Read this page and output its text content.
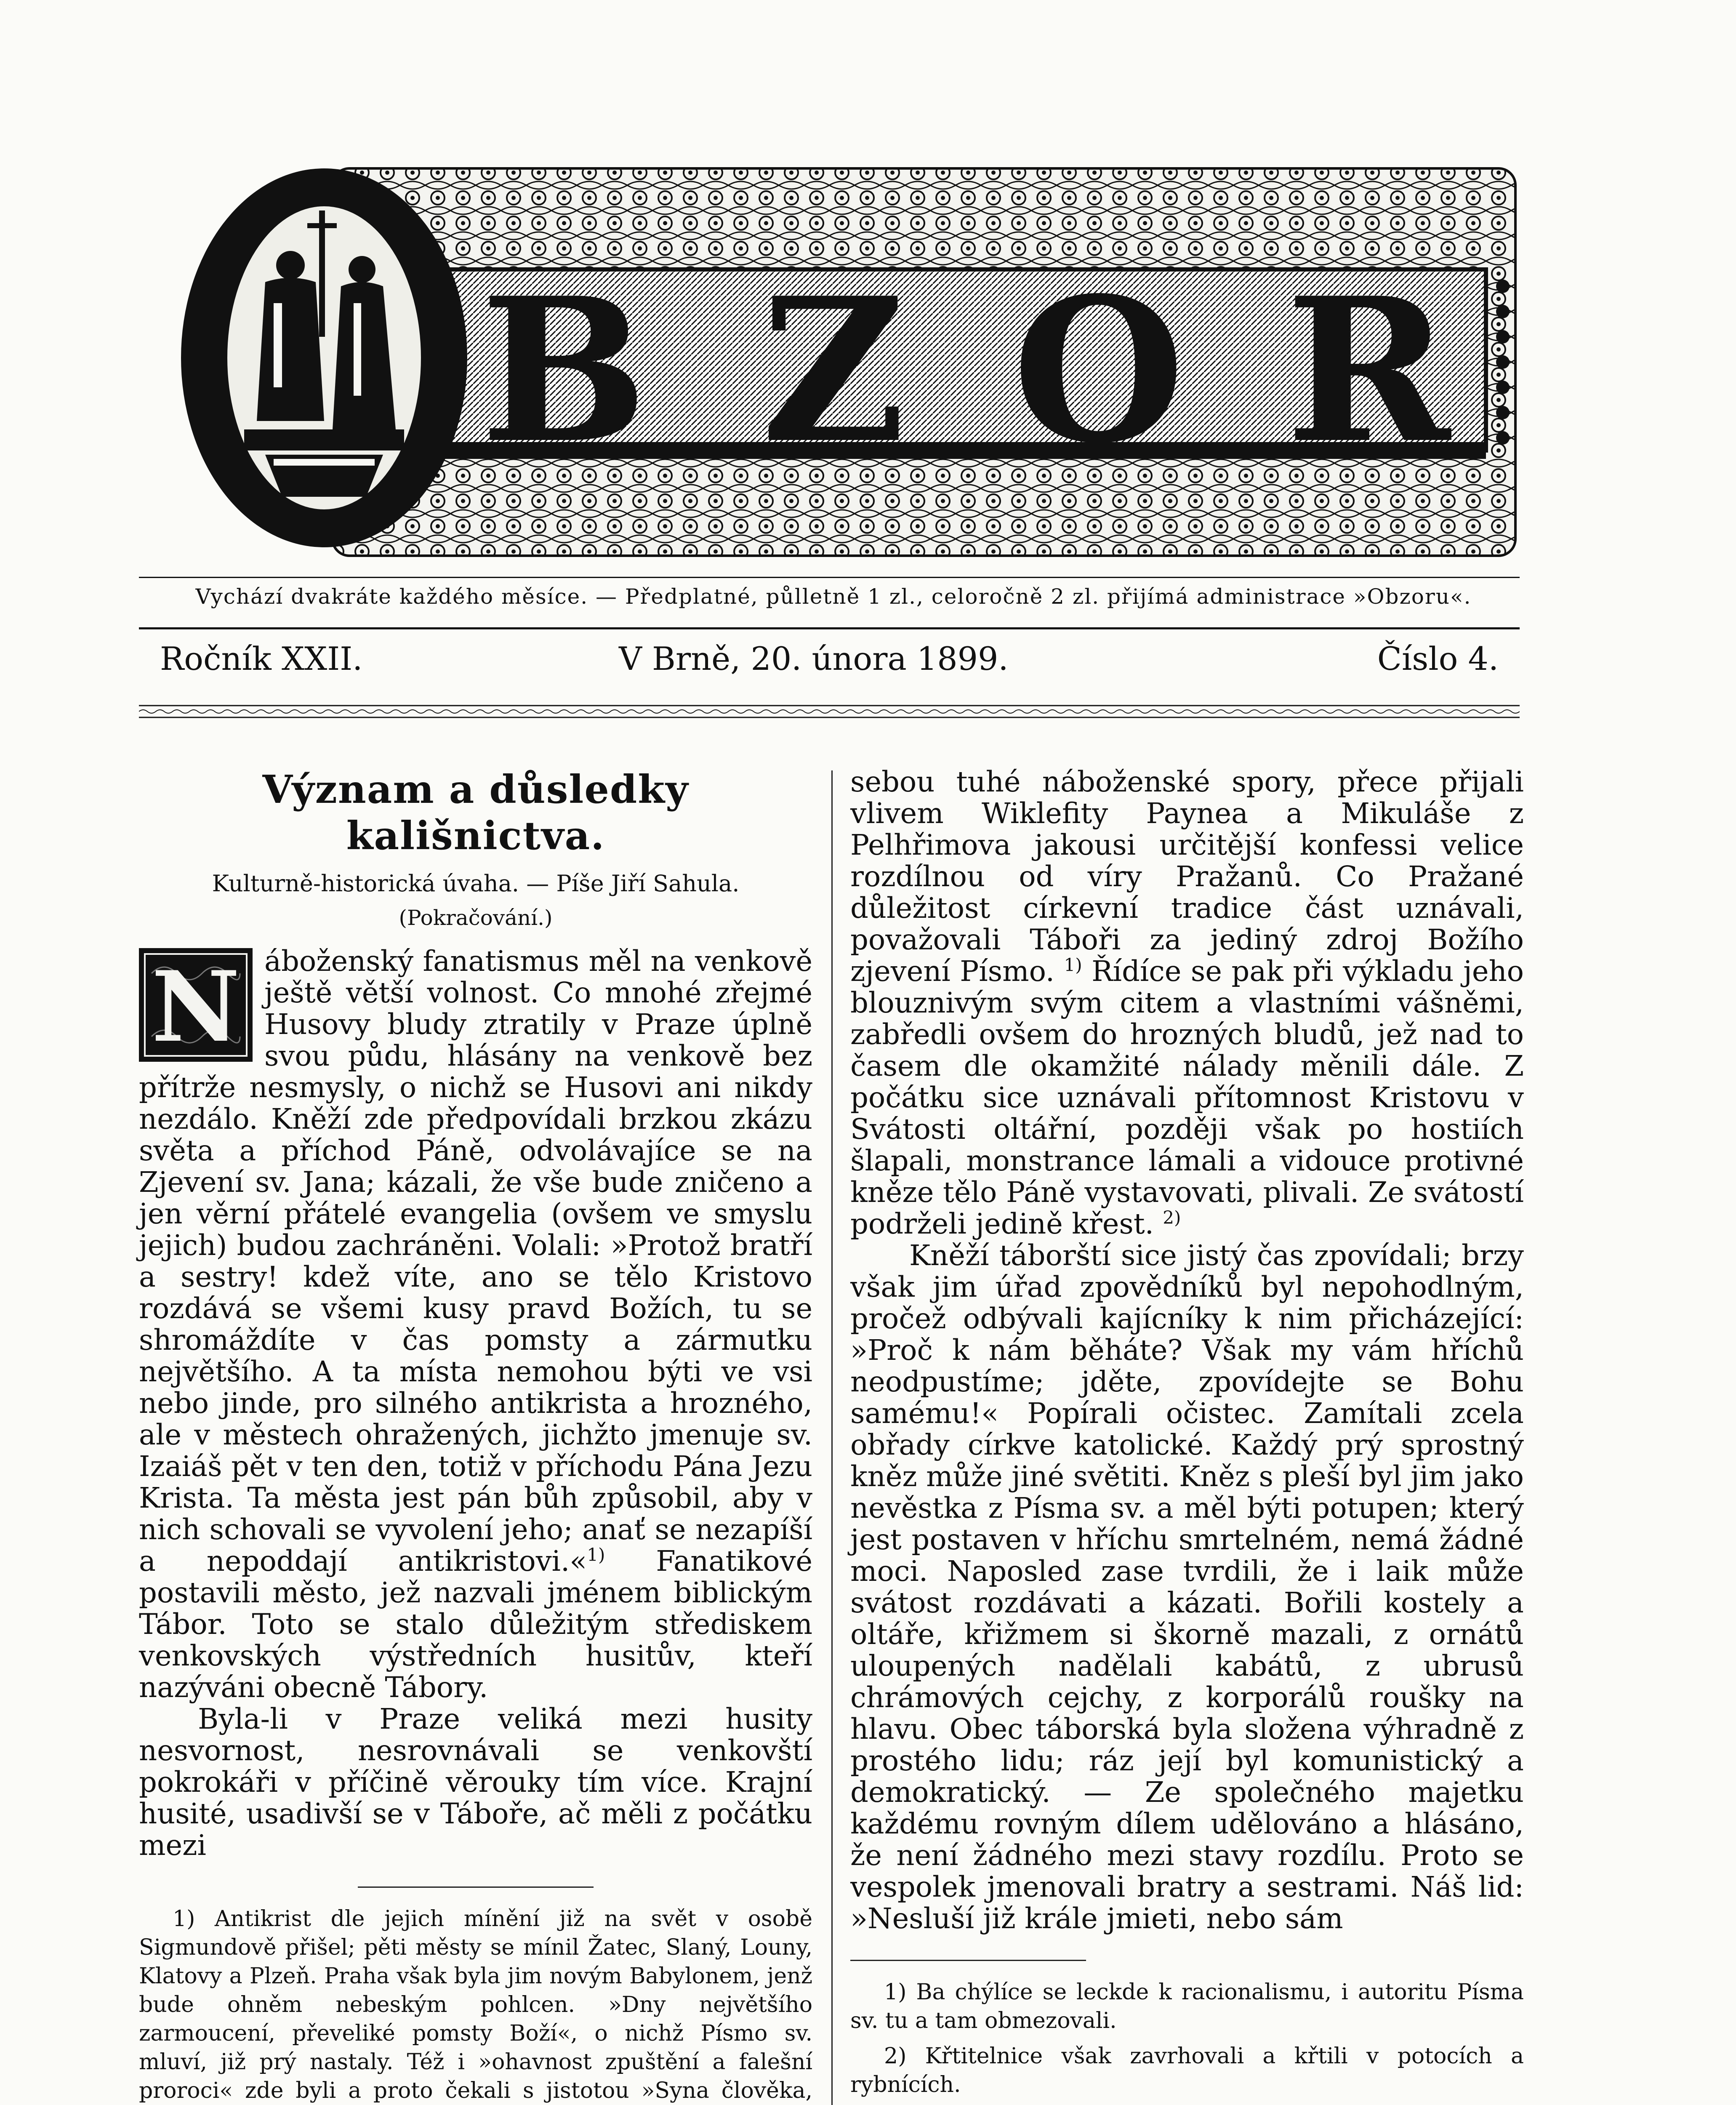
B Z O R
Vychází dvakráte každého měsíce. — Předplatné, půlletně 1 zl., celoročně 2 zl. přijímá administrace »Obzoru«.
Ročník XXII.	V Brně, 20. února 1899.	Číslo 4.
Význam a důsledky kališnictva.
Kulturně-historická úvaha. — Píše Jiří Sahula.
(Pokračování.)
N áboženský fanatismus měl na venkově ještě větší volnost. Co mnohé zřejmé Husovy bludy ztratily v Praze úplně svou půdu, hlásány na venkově bez přítrže nesmysly, o nichž se Husovi ani nikdy nezdálo. Kněží zde předpovídali brzkou zkázu světa a příchod Páně, odvolávajíce se na Zjevení sv. Jana; kázali, že vše bude zničeno a jen věrní přátelé evangelia (ovšem ve smyslu jejich) budou zachráněni. Volali: »Protož bratří a sestry! kdež víte, ano se tělo Kristovo rozdává se všemi kusy pravd Božích, tu se shromáždíte v čas pomsty a zármutku největšího. A ta místa nemohou býti ve vsi nebo jinde, pro silného antikrista a hrozného, ale v městech ohražených, jichžto jmenuje sv. Izaiáš pět v ten den, totiž v příchodu Pána Jezu Krista. Ta města jest pán bůh způsobil, aby v nich schovali se vyvolení jeho; anať se nezapíší a nepoddají antikristovi.«$^{1)}$ Fanatikové postavili město, jež nazvali jménem biblickým Tábor. Toto se stalo důležitým střediskem venkovských výstředních husitův, kteří nazýváni obecně Tábory.

Byla-li v Praze veliká mezi husity nesvornost, nesrovnávali se venkovští pokrokáři v příčině věrouky tím více. Krajní husité, usadivší se v Táboře, ač měli z počátku mezi

1) Antikrist dle jejich mínění již na svět v osobě Sigmundově přišel; pěti městy se mínil Žatec, Slaný, Louny, Klatovy a Plzeň. Praha však byla jim novým Babylonem, jenž bude ohněm nebeským pohlcen. »Dny největšího zarmoucení, převeliké pomsty Boží«, o nichž Písmo sv. mluví, již prý nastaly. Též i »ohavnost zpuštění a falešní proroci« zde byli a proto čekali s jistotou »Syna člověka,

sebou tuhé náboženské spory, přece přijali vlivem Wiklefity Paynea a Mikuláše z Pelhřimova jakousi určitější konfessi velice rozdílnou od víry Pražanů. Co Pražané důležitost církevní tradice část uznávali, považovali Táboři za jediný zdroj Božího zjevení Písmo. $^{1)}$ Řídíce se pak při výkladu jeho blouznivým svým citem a vlastními vášněmi, zabředli ovšem do hrozných bludů, jež nad to časem dle okamžité nálady měnili dále. Z počátku sice uznávali přítomnost Kristovu v Svátosti oltářní, později však po hostiích šlapali, monstrance lámali a vidouce protivné kněze tělo Páně vystavovati, plivali. Ze svátostí podrželi jedině křest. $^{2)}$

Kněží táborští sice jistý čas zpovídali; brzy však jim úřad zpovědníků byl nepohodlným, pročež odbývali kajícníky k nim přicházející: »Proč k nám běháte? Však my vám hříchů neodpustíme; jděte, zpovídejte se Bohu samému!« Popírali očistec. Zamítali zcela obřady církve katolické. Každý prý sprostný kněz může jiné světiti. Kněz s pleší byl jim jako nevěstka z Písma sv. a měl býti potupen; který jest postaven v hříchu smrtelném, nemá žádné moci. Naposled zase tvrdili, že i laik může svátost rozdávati a kázati. Bořili kostely a oltáře, křižmem si škorně mazali, z ornátů uloupených nadělali kabátů, z ubrusů chrámových cejchy, z korporálů roušky na hlavu. Obec táborská byla složena výhradně z prostého lidu; ráz její byl komunistický a demokratický. — Ze společného majetku každému rovným dílem udělováno a hlásáno, že není žádného mezi stavy rozdílu. Proto se vespolek jmenovali bratry a sestrami. Náš lid: »Nesluší již krále jmieti, nebo sám

1) Ba chýlíce se leckde k racionalismu, i autoritu Písma sv. tu a tam obmezovali.

2) Křtitelnice však zavrhovali a křtili v potocích a rybnících.
